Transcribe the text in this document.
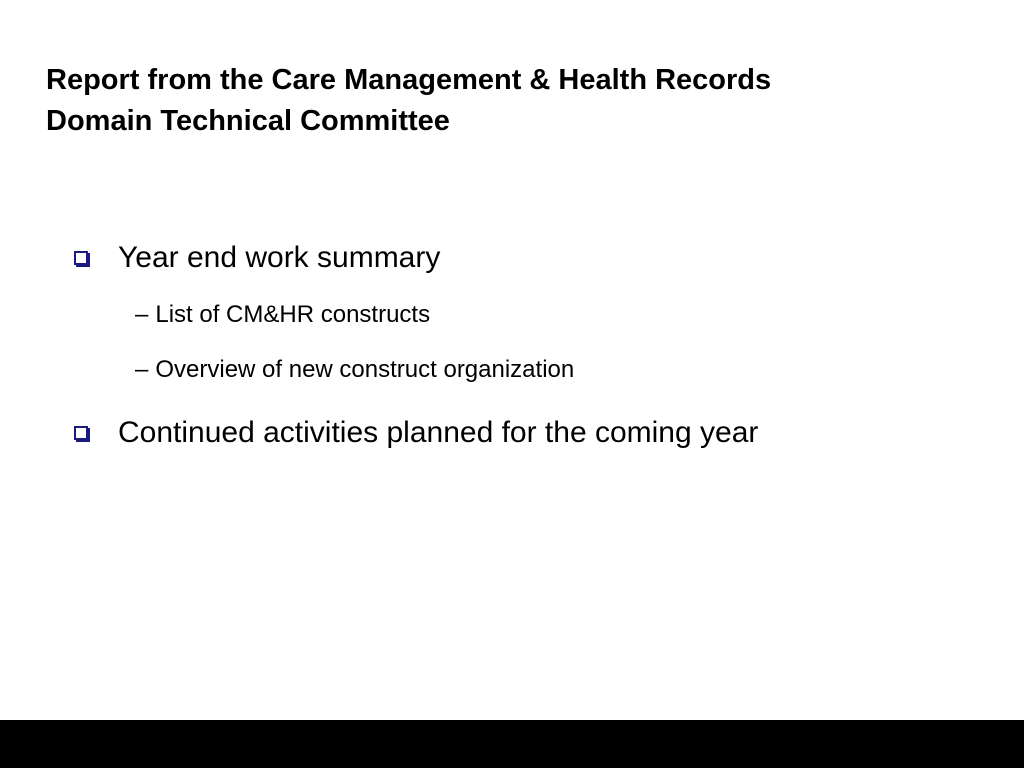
Report from the Care Management & Health Records
Domain Technical Committee
Year end work summary
– List of CM&HR constructs
– Overview of new construct organization
Continued activities planned for the coming year
